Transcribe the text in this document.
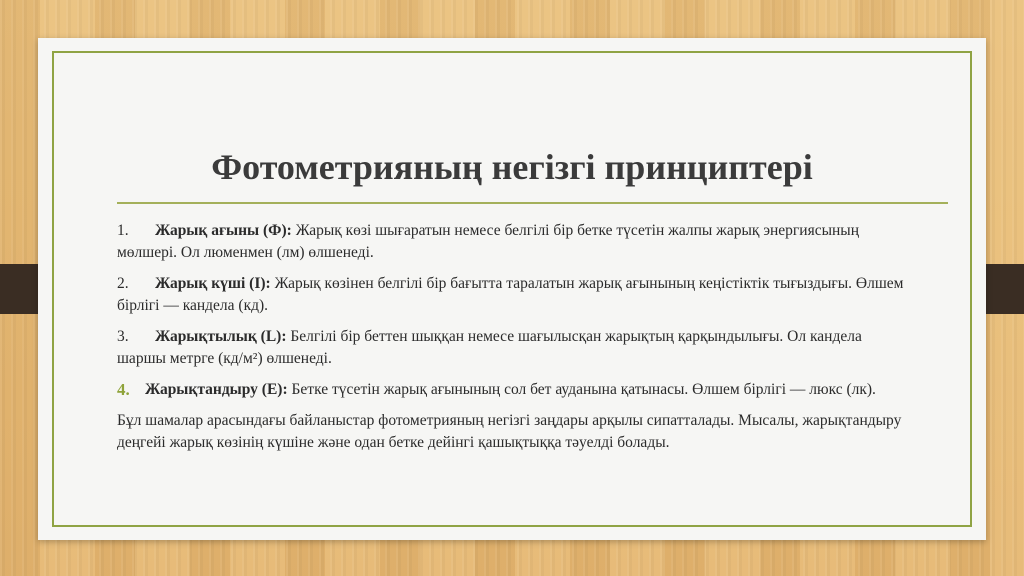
Фотометрияның негізгі принциптері

1. Жарық ағыны (Ф): Жарық көзі шығаратын немесе белгілі бір бетке түсетін жалпы жарық энергиясының мөлшері. Ол люменмен (лм) өлшенеді.

2. Жарық күші (I): Жарық көзінен белгілі бір бағытта таралатын жарық ағынының кеңістіктік тығыздығы. Өлшем бірлігі — кандела (кд).

3. Жарықтылық (L): Белгілі бір беттен шыққан немесе шағылысқан жарықтың қарқындылығы. Ол кандела шаршы метрге (кд/м²) өлшенеді.

4. Жарықтандыру (E): Бетке түсетін жарық ағынының сол бет ауданына қатынасы. Өлшем бірлігі — люкс (лк).

Бұл шамалар арасындағы байланыстар фотометрияның негізгі заңдары арқылы сипатталады. Мысалы, жарықтандыру деңгейі жарық көзінің күшіне және одан бетке дейінгі қашықтыққа тәуелді болады.
